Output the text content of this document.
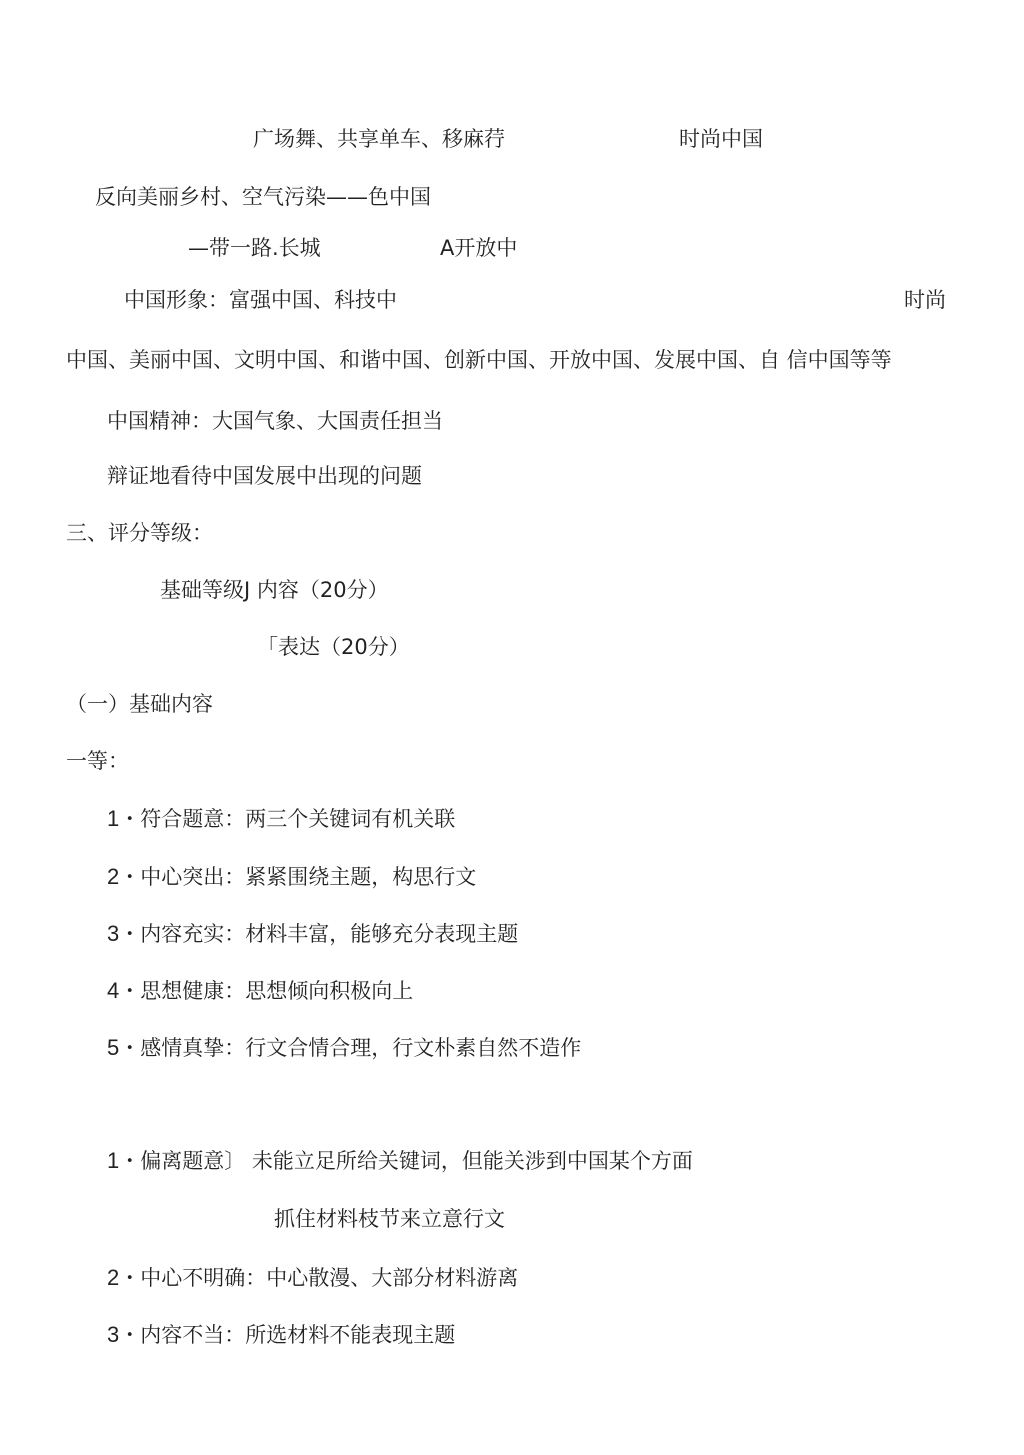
广场舞、共享单车、移麻荇	时尚中国
反向美丽乡村、空气污染——色中国
—带一路.长城	A开放中
中国形象：富强中国、科技中	时尚
中国、美丽中国、文明中国、和谐中国、创新中国、开放中国、发展中国、自 信中国等等
中国精神：大国气象、大国责任担当
辩证地看待中国发展中出现的问题
三、评分等级：
基础等级J 内容（20分）
「表达（20分）
（一）基础内容
一等：
1・符合题意：两三个关键词有机关联
2・中心突出：紧紧围绕主题，构思行文
3・内容充实：材料丰富，能够充分表现主题
4・思想健康：思想倾向积极向上
5・感情真挚：行文合情合理，行文朴素自然不造作
1・偏离题意〕 未能立足所给关键词，但能关涉到中国某个方面
抓住材料枝节来立意行文
2・中心不明确：中心散漫、大部分材料游离
3・内容不当：所选材料不能表现主题
